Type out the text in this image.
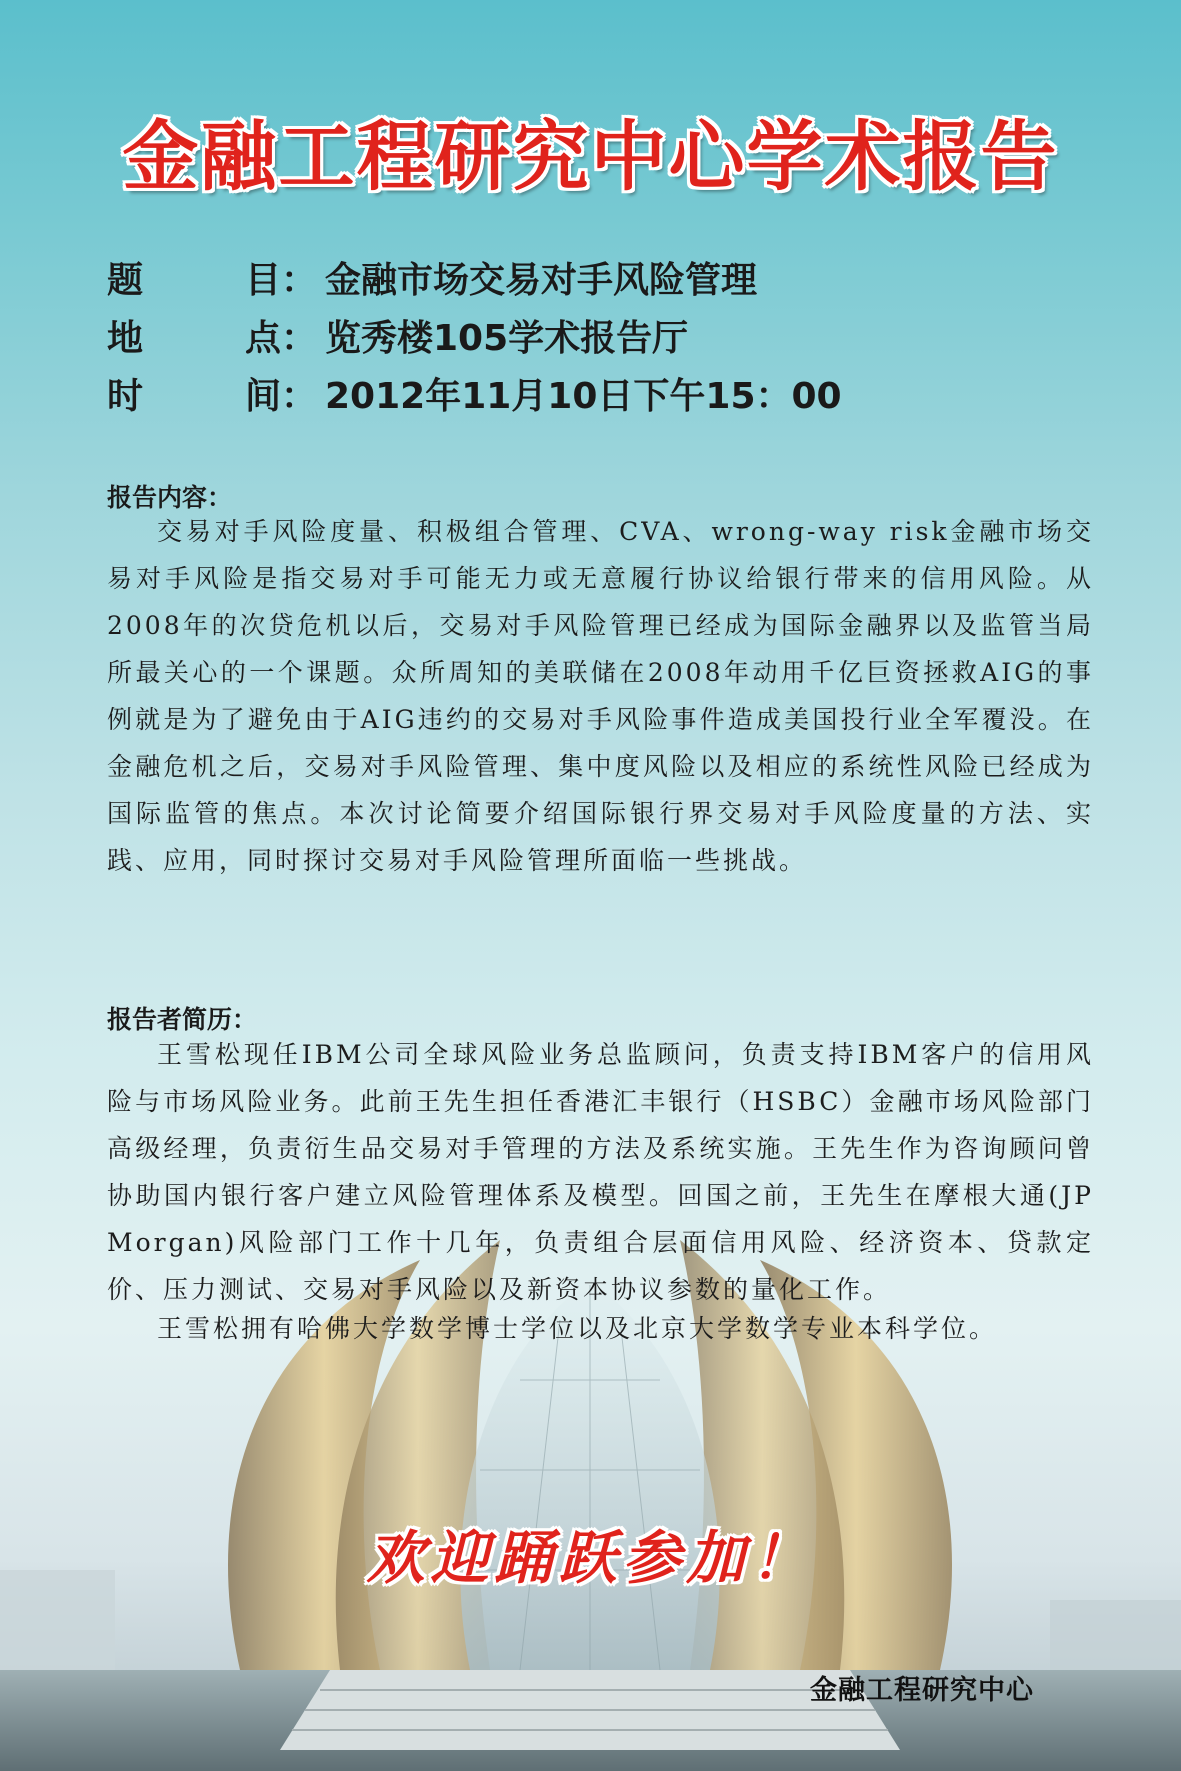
金融工程研究中心学术报告
题	目 ： 金融市场交易对手风险管理
地	点 ： 览秀楼105学术报告厅
时	间 ： 2012年11月10日下午15：00
报告内容：

交易对手风险度量、积极组合管理、CVA、wrong-way risk金融市场交易对手风险是指交易对手可能无力或无意履行协议给银行带来的信用风险。从2008年的次贷危机以后，交易对手风险管理已经成为国际金融界以及监管当局所最关心的一个课题。众所周知的美联储在2008年动用千亿巨资拯救AIG的事例就是为了避免由于AIG违约的交易对手风险事件造成美国投行业全军覆没。在金融危机之后，交易对手风险管理、集中度风险以及相应的系统性风险已经成为国际监管的焦点。本次讨论简要介绍国际银行界交易对手风险度量的方法、实践、应用，同时探讨交易对手风险管理所面临一些挑战。

报告者简历：

王雪松现任IBM公司全球风险业务总监顾问，负责支持IBM客户的信用风险与市场风险业务。此前王先生担任香港汇丰银行（HSBC）金融市场风险部门高级经理，负责衍生品交易对手管理的方法及系统实施。王先生作为咨询顾问曾协助国内银行客户建立风险管理体系及模型。回国之前，王先生在摩根大通(JP Morgan)风险部门工作十几年，负责组合层面信用风险、经济资本、贷款定价、压力测试、交易对手风险以及新资本协议参数的量化工作。

王雪松拥有哈佛大学数学博士学位以及北京大学数学专业本科学位。

欢迎踊跃参加！
金融工程研究中心
